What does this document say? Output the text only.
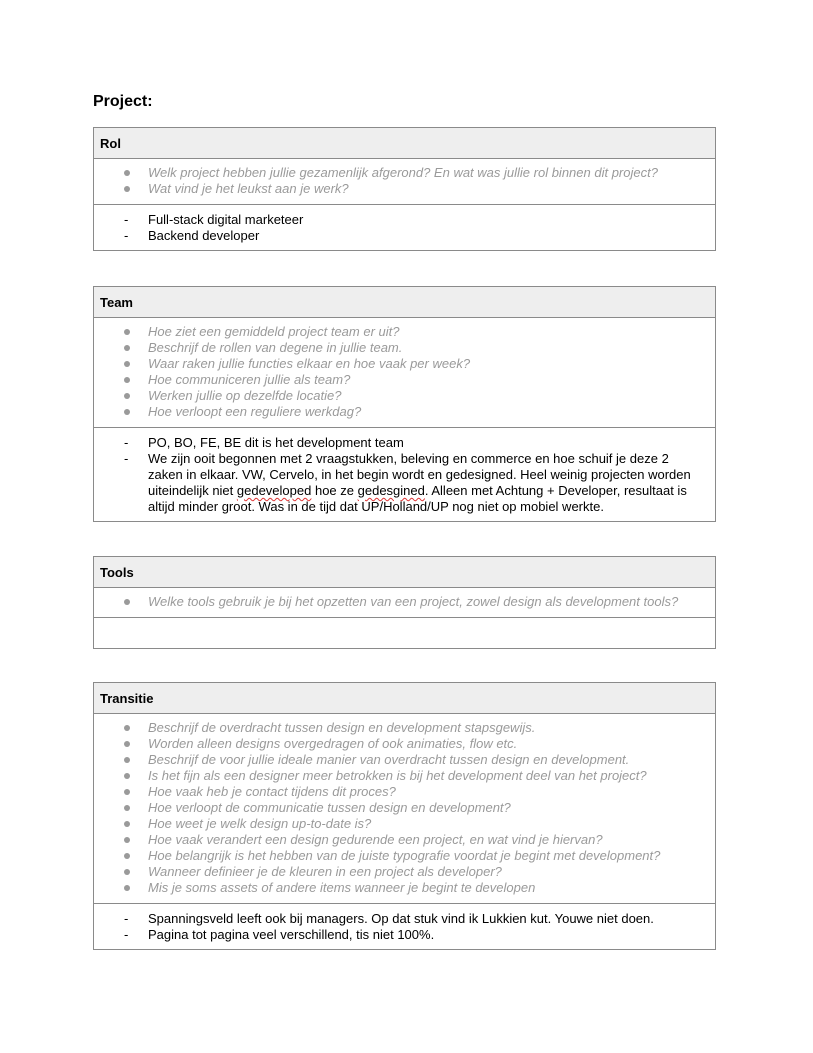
Project:
Rol
Welk project hebben jullie gezamenlijk afgerond? En wat was jullie rol binnen dit project?
Wat vind je het leukst aan je werk?
- Full-stack digital marketeer
- Backend developer
Team
Hoe ziet een gemiddeld project team er uit?
Beschrijf de rollen van degene in jullie team.
Waar raken jullie functies elkaar en hoe vaak per week?
Hoe communiceren jullie als team?
Werken jullie op dezelfde locatie?
Hoe verloopt een reguliere werkdag?
- PO, BO, FE, BE dit is het development team
- We zijn ooit begonnen met 2 vraagstukken, beleving en commerce en hoe schuif je deze 2 zaken in elkaar. VW, Cervelo, in het begin wordt en gedesigned. Heel weinig projecten worden uiteindelijk niet gedeveloped hoe ze gedesgined. Alleen met Achtung + Developer, resultaat is altijd minder groot. Was in de tijd dat UP/Holland/UP nog niet op mobiel werkte.
Tools
Welke tools gebruik je bij het opzetten van een project, zowel design als development tools?
Transitie
Beschrijf de overdracht tussen design en development stapsgewijs.
Worden alleen designs overgedragen of ook animaties, flow etc.
Beschrijf de voor jullie ideale manier van overdracht tussen design en development.
Is het fijn als een designer meer betrokken is bij het development deel van het project?
Hoe vaak heb je contact tijdens dit proces?
Hoe verloopt de communicatie tussen design en development?
Hoe weet je welk design up-to-date is?
Hoe vaak verandert een design gedurende een project, en wat vind je hiervan?
Hoe belangrijk is het hebben van de juiste typografie voordat je begint met development?
Wanneer definieer je de kleuren in een project als developer?
Mis je soms assets of andere items wanneer je begint te developen
- Spanningsveld leeft ook bij managers. Op dat stuk vind ik Lukkien kut. Youwe niet doen.
- Pagina tot pagina veel verschillend, tis niet 100%.
